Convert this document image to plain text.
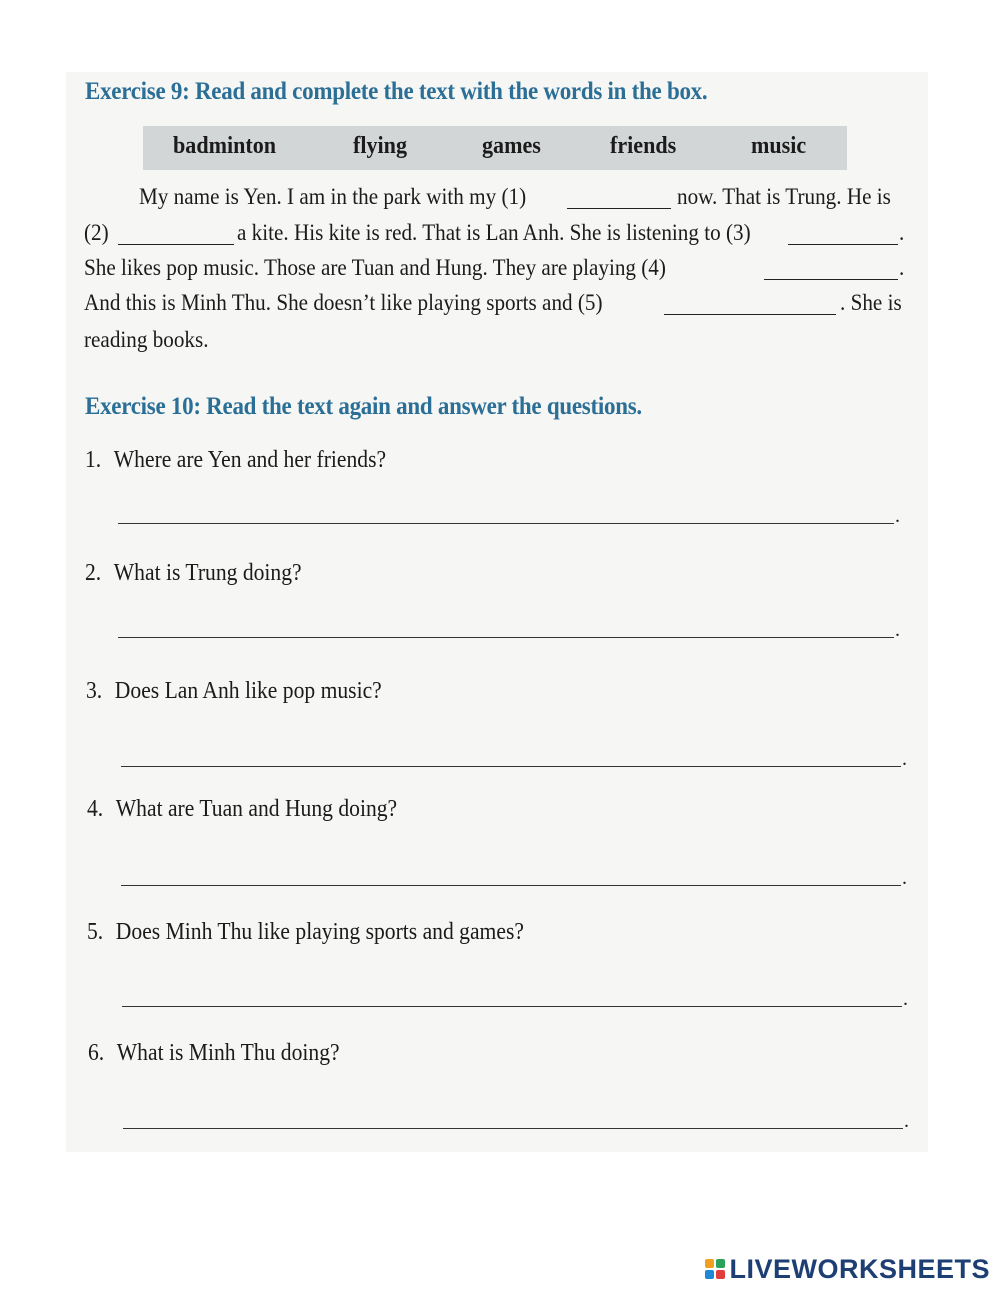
Exercise 9: Read and complete the text with the words in the box.
badminton	flying	games	friends	music
My name is Yen. I am in the park with my (1)	now. That is Trung. He is
(2)	a kite. His kite is red. That is Lan Anh. She is listening to (3)	.
She likes pop music. Those are Tuan and Hung. They are playing (4)	.
And this is Minh Thu. She doesn’t like playing sports and (5)	. She is
reading books.
Exercise 10: Read the text again and answer the questions.
1. Where are Yen and her friends?
.
2. What is Trung doing?
.
3. Does Lan Anh like pop music?
.
4. What are Tuan and Hung doing?
.
5. Does Minh Thu like playing sports and games?
.
6. What is Minh Thu doing?
.
LIVEWORKSHEETS
